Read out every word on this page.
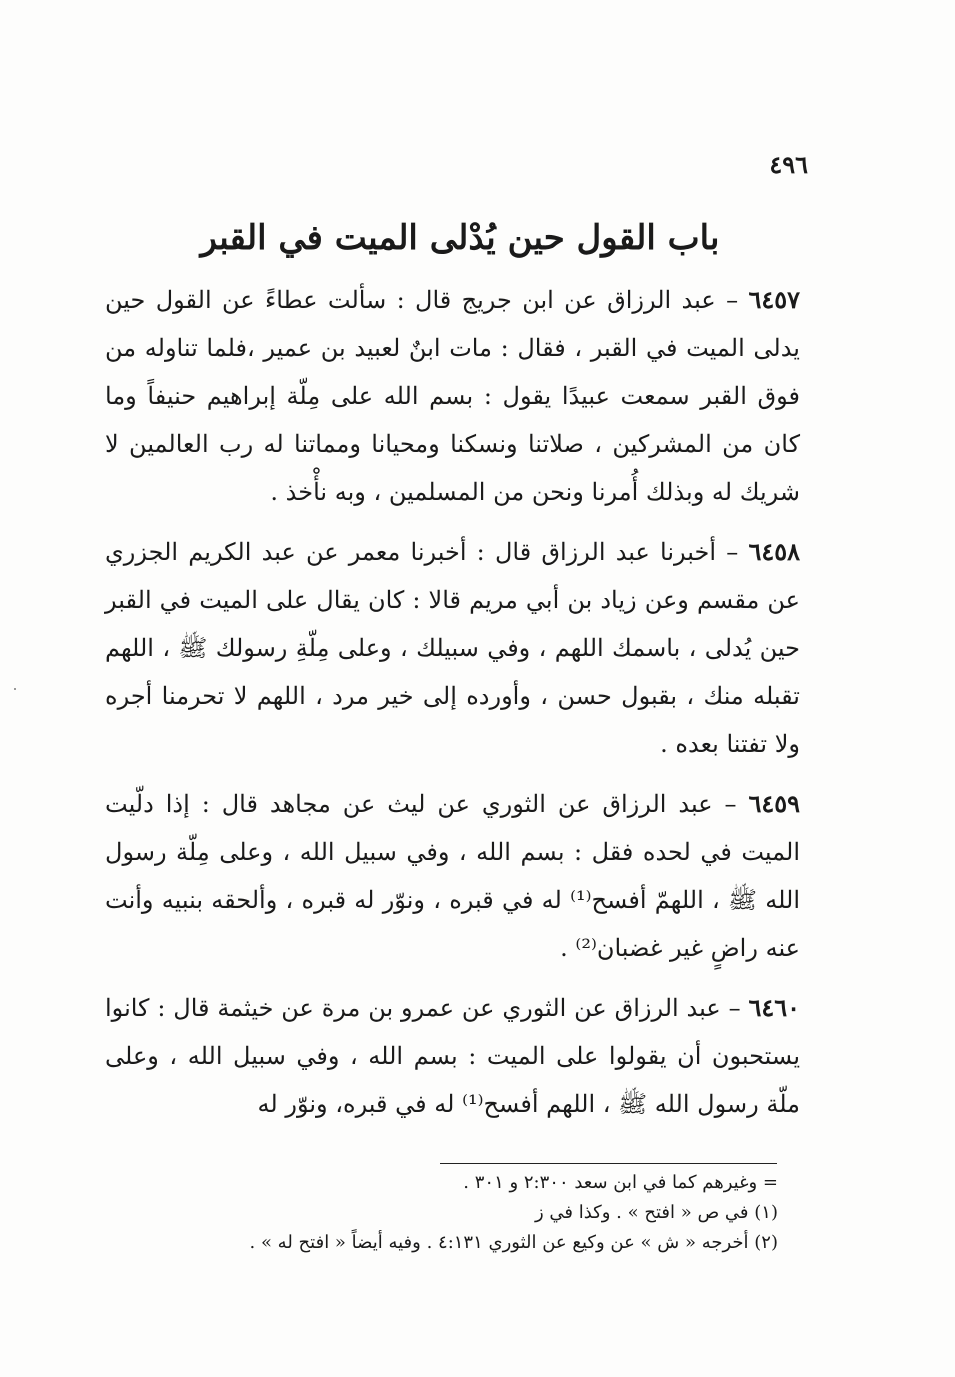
٤٩٦
باب القول حين يُدْلى الميت في القبر

٦٤٥٧ – عبد الرزاق عن ابن جريج قال : سألت عطاءً عن القول حين يدلى الميت في القبر ، فقال : مات ابنٌ لعبيد بن عمير ،فلما تناوله من فوق القبر سمعت عبيدًا يقول : بسم الله على مِلّة إبراهيم حنيفاً وما كان من المشركين ، صلاتنا ونسكنا ومحيانا ومماتنا له رب العالمين لا شريك له وبذلك أُمرنا ونحن من المسلمين ، وبه نأْخذ .

٦٤٥٨ – أخبرنا عبد الرزاق قال : أخبرنا معمر عن عبد الكريم الجزري عن مقسم وعن زياد بن أبي مريم قالا : كان يقال على الميت في القبر حين يُدلى ، باسمك اللهم ، وفي سبيلك ، وعلى مِلّةِ رسولك ﷺ ، اللهم تقبله منك ، بقبول حسن ، وأورده إلى خير مرد ، اللهم لا تحرمنا أجره ولا تفتنا بعده .

٦٤٥٩ – عبد الرزاق عن الثوري عن ليث عن مجاهد قال : إذا دلّيت الميت في لحده فقل : بسم الله ، وفي سبيل الله ، وعلى مِلّة رسول الله ﷺ ، اللهمّ أفسح⁽¹⁾ له في قبره ، ونوّر له قبره ، وألحقه بنبيه وأنت عنه راضٍ غير غضبان⁽²⁾ .

٦٤٦٠ – عبد الرزاق عن الثوري عن عمرو بن مرة عن خيثمة قال : كانوا يستحبون أن يقولوا على الميت : بسم الله ، وفي سبيل الله ، وعلى ملّة رسول الله ﷺ ، اللهم أفسح⁽¹⁾ له في قبره، ونوّر له

= وغيرهم كما في ابن سعد ٢:٣٠٠ و ٣٠١ .

(١) في ص « افتح » . وكذا في ز

(٢) أخرجه « ش » عن وكيع عن الثوري ٤:١٣١ . وفيه أيضاً « افتح له » .
